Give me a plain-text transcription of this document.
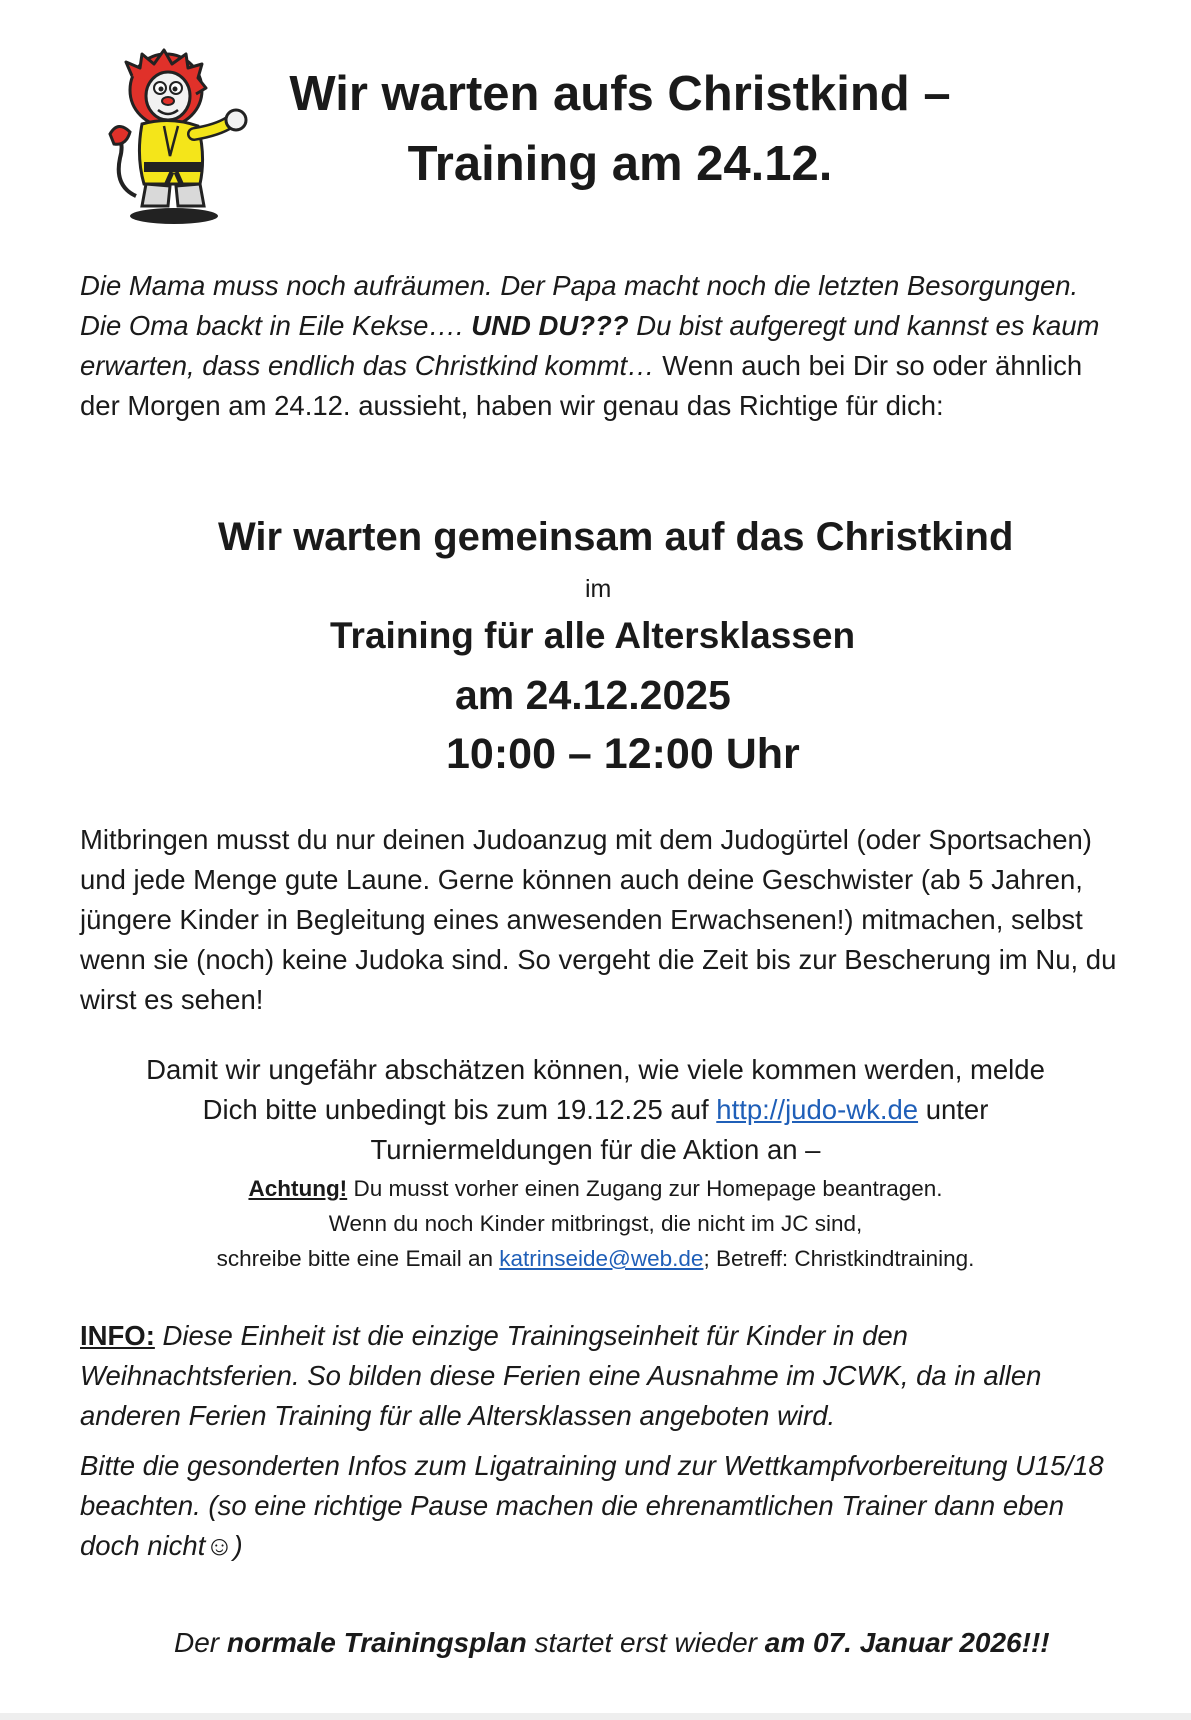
Wir warten aufs Christkind –
Training am 24.12.

Die Mama muss noch aufräumen. Der Papa macht noch die letzten Besorgungen. Die Oma backt in Eile Kekse…. UND DU??? Du bist aufgeregt und kannst es kaum erwarten, dass endlich das Christkind kommt… Wenn auch bei Dir so oder ähnlich der Morgen am 24.12. aussieht, haben wir genau das Richtige für dich:

Wir warten gemeinsam auf das Christkind

im

Training für alle Altersklassen

am 24.12.2025

10:00 – 12:00 Uhr

Mitbringen musst du nur deinen Judoanzug mit dem Judogürtel (oder Sportsachen) und jede Menge gute Laune. Gerne können auch deine Geschwister (ab 5 Jahren, jüngere Kinder in Begleitung eines anwesenden Erwachsenen!) mitmachen, selbst wenn sie (noch) keine Judoka sind. So vergeht die Zeit bis zur Bescherung im Nu, du wirst es sehen!

Damit wir ungefähr abschätzen können, wie viele kommen werden, melde
Dich bitte unbedingt bis zum 19.12.25 auf http://judo-wk.de unter
Turniermeldungen für die Aktion an –

Achtung! Du musst vorher einen Zugang zur Homepage beantragen.
Wenn du noch Kinder mitbringst, die nicht im JC sind,
schreibe bitte eine Email an katrinseide@web.de; Betreff: Christkindtraining.

INFO: Diese Einheit ist die einzige Trainingseinheit für Kinder in den Weihnachtsferien. So bilden diese Ferien eine Ausnahme im JCWK, da in allen anderen Ferien Training für alle Altersklassen angeboten wird.

Bitte die gesonderten Infos zum Ligatraining und zur Wettkampfvorbereitung U15/18 beachten. (so eine richtige Pause machen die ehrenamtlichen Trainer dann eben doch nicht☺)

Der normale Trainingsplan startet erst wieder am 07. Januar 2026!!!
